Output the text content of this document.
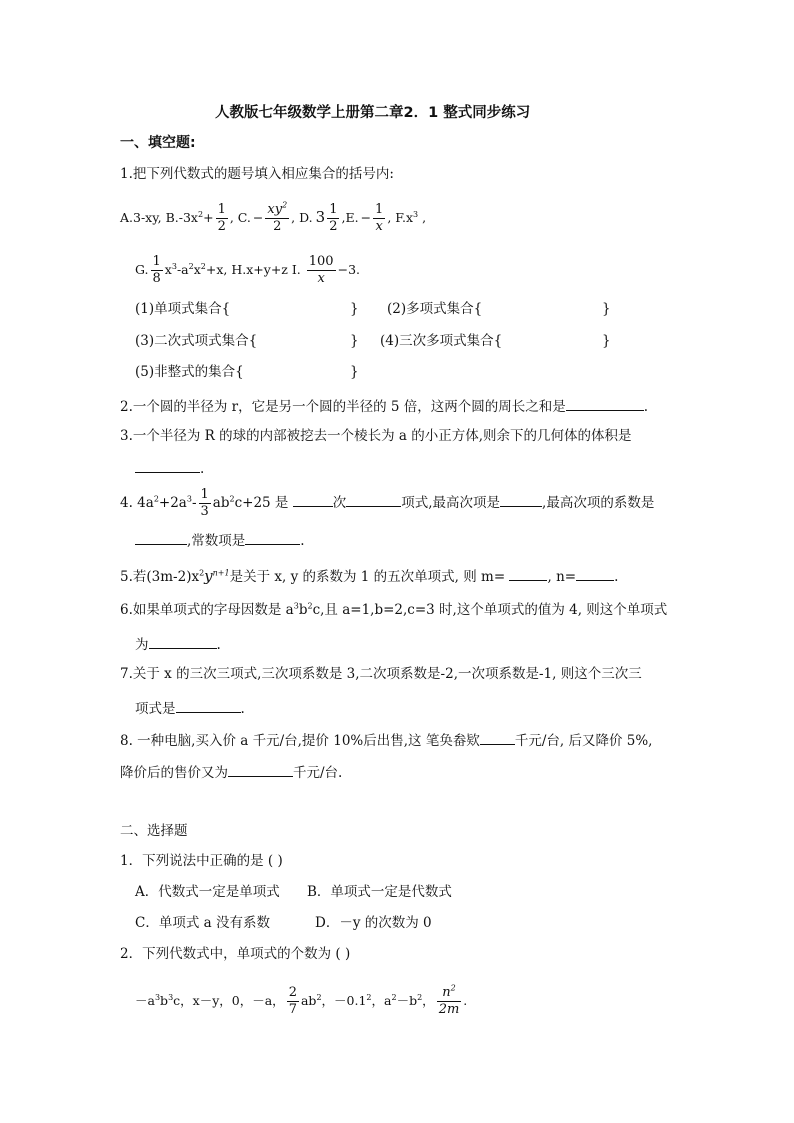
人教版七年级数学上册第二章2．1 整式同步练习
一、填空题:
1.把下列代数式的题号填入相应集合的括号内:
A.3-xy, $B.-3x^2+ \frac{1}{2}$ , C. − $\frac{xy^2}{2}$ , D. $3 \frac{1}{2} ,E$. − $\frac{1}{x}$ , $F.x^3$ ,
G. $\frac{1}{8} x^3-a^2x^2+x$, H.x+y+z I. $\frac{100}{x} -3$.
(1)单项式集合{	} (2)多项式集合{	}
(3)二次式项式集合{	} (4)三次多项式集合{	}
(5)非整式的集合{	}
2.一个圆的半径为 r，它是另一个圆的半径的 5 倍，这两个圆的周长之和是	.
3.一个半径为 R 的球的内部被挖去一个棱长为 a 的小正方体,则余下的几何体的体积是
.
4. $4a^2+2a^3- \frac{1}{3} ab^2c+25$ 是	次	项式,最高次项是	,最高次项的系数是
,常数项是	.
5.若$(3m-2)x^2y^{n+1}$是关于 x, y 的系数为 1 的五次单项式, 则 m=	, n=	.
6.如果单项式的字母因数是 $a^3b^2c$,且 a=1,b=2,c=3 时,这个单项式的值为 4, 则这个单项式
为	.
7.关于 x 的三次三项式,三次项系数是 3,二次项系数是-2,一次项系数是-1, 则这个三次三
项式是	.
8. 一种电脑,买入价 a 千元/台,提价 10%后出售,这 笔奂畚欵	千元/台, 后又降价 5%,
降价后的售价又为	千元/台.
二、选择题
1．下列说法中正确的是 ( )
A．代数式一定是单项式 B．单项式一定是代数式
C．单项式 a 没有系数	D．－y 的次数为 0
2．下列代数式中，单项式的个数为 ( )
$-a^3b^3c$，x－y，0，－a， $\frac{2}{7} ab^2$，$-0.1^2$，$a^2-b^2$， $\frac{n^2}{2m}$ .
